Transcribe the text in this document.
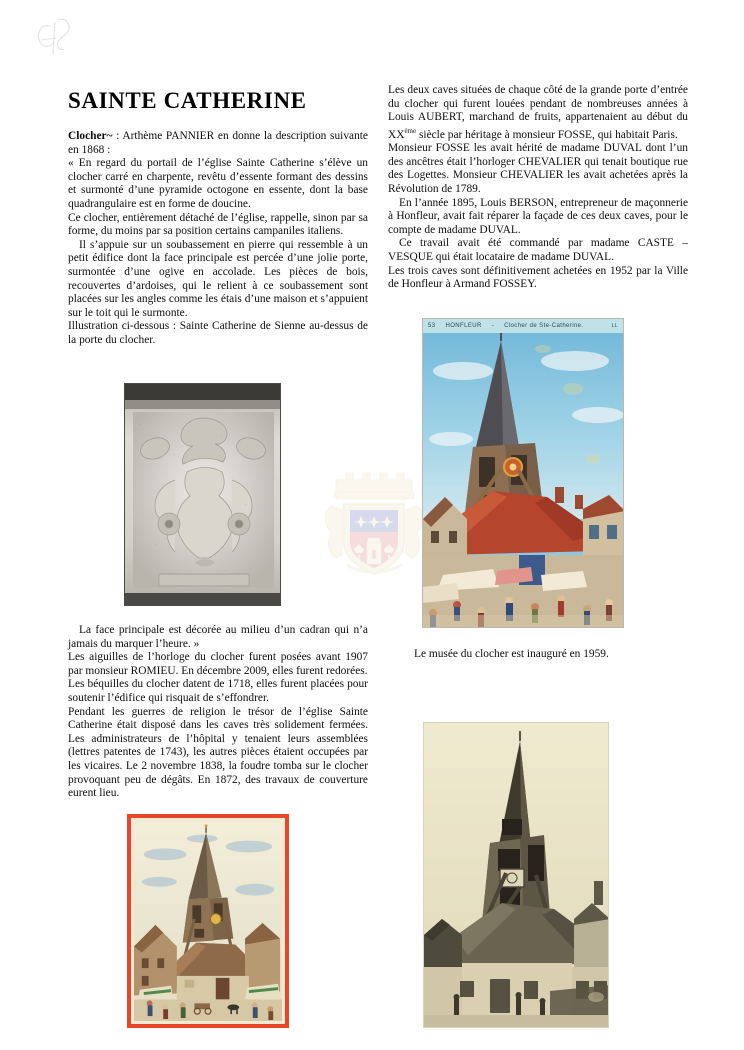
SAINTE CATHERINE

Clocher~ : Arthème PANNIER en donne la description suivante en 1868 :

« En regard du portail de l’église Sainte Catherine s’élève un clocher carré en charpente, revêtu d’essente formant des dessins et surmonté d’une pyramide octogone en essente, dont la base quadrangulaire est en forme de doucine.

Ce clocher, entièrement détaché de l’église, rappelle, sinon par sa forme, du moins par sa position certains campaniles italiens.

Il s’appuie sur un soubassement en pierre qui ressemble à un petit édifice dont la face principale est percée d’une jolie porte, surmontée d’une ogive en accolade. Les pièces de bois, recouvertes d’ardoises, qui le relient à ce soubassement sont placées sur les angles comme les étais d’une maison et s’appuient sur le toit qui le surmonte.

Illustration ci-dessous : Sainte Catherine de Sienne au-dessus de la porte du clocher.

Les deux caves situées de chaque côté de la grande porte d’entrée du clocher qui furent louées pendant de nombreuses années à Louis AUBERT, marchand de fruits, appartenaient au début du XXème siècle par héritage à monsieur FOSSE, qui habitait Paris.

Monsieur FOSSE les avait hérité de madame DUVAL dont l’un des ancêtres était l’horloger CHEVALIER qui tenait boutique rue des Logettes. Monsieur CHEVALIER les avait achetées après la Révolution de 1789.

En l’année 1895, Louis BERSON, entrepreneur de maçonnerie à Honfleur, avait fait réparer la façade de ces deux caves, pour le compte de madame DUVAL.

Ce travail avait été commandé par madame CASTE – VESQUE qui était locataire de madame DUVAL.

Les trois caves sont définitivement achetées en 1952 par la Ville de Honfleur à Armand FOSSEY.

La face principale est décorée au milieu d’un cadran qui n’a jamais du marquer l’heure. »

Les aiguilles de l’horloge du clocher furent posées avant 1907 par monsieur ROMIEU. En décembre 2009, elles furent redorées.

Les béquilles du clocher datent de 1718, elles furent placées pour soutenir l’édifice qui risquait de s’effondrer.

Pendant les guerres de religion le trésor de l’église Sainte Catherine était disposé dans les caves très solidement fermées. Les administrateurs de l’hôpital y tenaient leurs assemblées (lettres patentes de 1743), les autres pièces étaient occupées par les vicaires. Le 2 novembre 1838, la foudre tomba sur le clocher provoquant peu de dégâts. En 1872, des travaux de couverture eurent lieu.

Le musée du clocher est inauguré en 1959.
53 HONFLEUR - Clocher de Ste-Catherine.	LL
